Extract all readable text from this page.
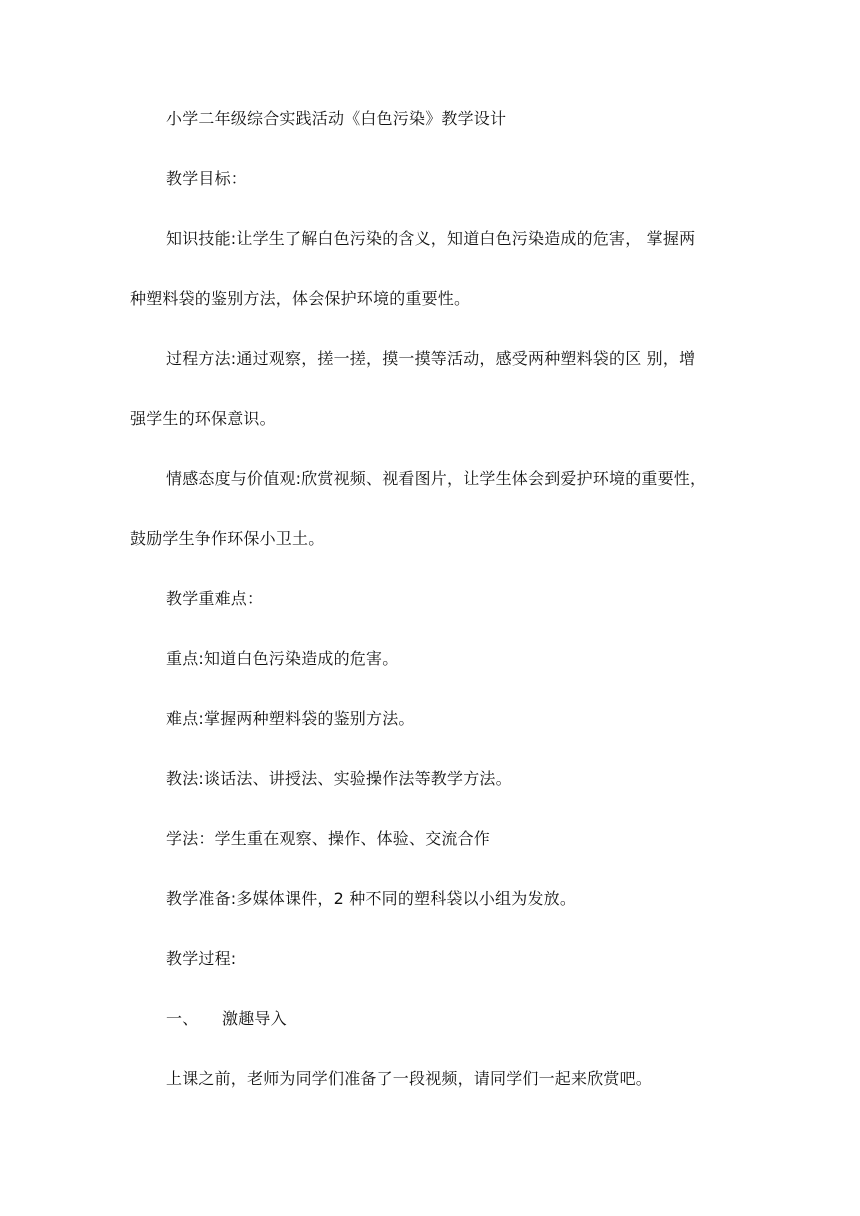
小学二年级综合实践活动《白色污染》教学设计
教学目标：
知识技能:让学生了解白色污染的含义，知道白色污染造成的危害， 掌握两
种塑料袋的鉴别方法，体会保护环境的重要性。
过程方法:通过观察，搓一搓，摸一摸等活动，感受两种塑料袋的区 别，增
强学生的环保意识。
情感态度与价值观:欣赏视频、视看图片，让学生体会到爱护环境的重要性，
鼓励学生争作环保小卫土。
教学重难点：
重点:知道白色污染造成的危害。
难点:掌握两种塑料袋的鉴别方法。
教法:谈话法、讲授法、实验操作法等教学方法。
学法：学生重在观察、操作、体验、交流合作
教学准备:多媒体课件，2 种不同的塑科袋以小组为发放。
教学过程:
一、 激趣导入
上课之前，老师为同学们准备了一段视频，请同学们一起来欣赏吧。
